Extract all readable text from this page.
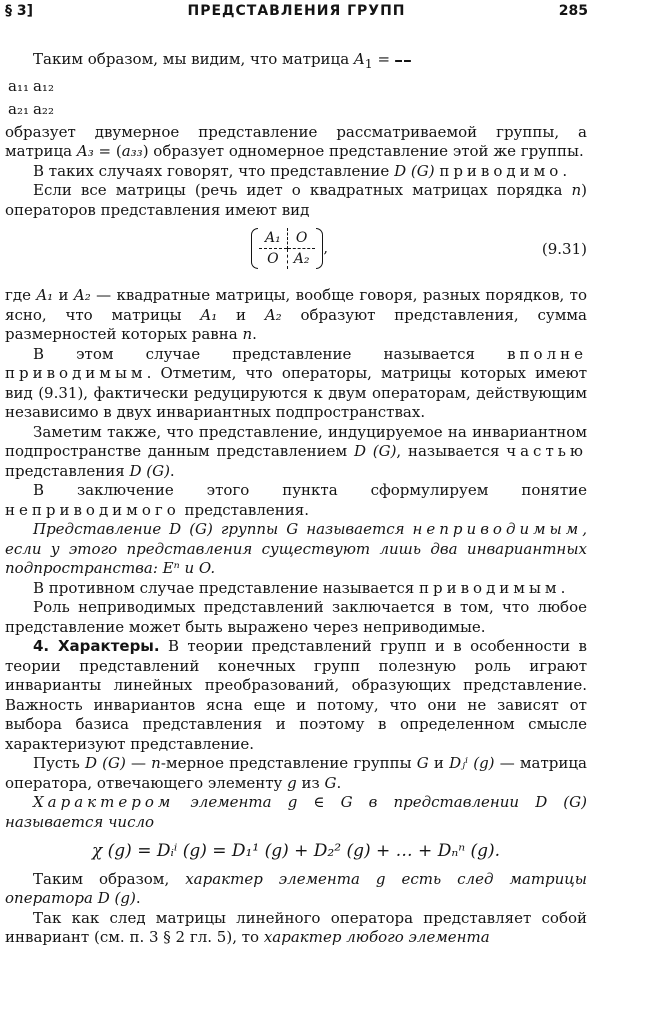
§ 3]	ПРЕДСТАВЛЕНИЯ ГРУПП	285

Таким образом, мы видим, что матрица $A_1$ =

a₁₁	a₁₂
a₂₁	a₂₂
образует двумерное представление рассматриваемой группы, а матрица A₃ = (a₃₃) образует одномерное представление этой же группы.

В таких случаях говорят, что представление D (G) приводимо.

Если все матрицы (речь идет о квадратных матрицах порядка n) операторов представления имеют вид

A₁	O
O	A₂
,	(9.31)

где A₁ и A₂ — квадратные матрицы, вообще говоря, разных порядков, то ясно, что матрицы A₁ и A₂ образуют представления, сумма размерностей которых равна n.

В этом случае представление называется вполне приводимым. Отметим, что операторы, матрицы которых имеют вид (9.31), фактически редуцируются к двум операторам, действующим независимо в двух инвариантных подпространствах.

Заметим также, что представление, индуцируемое на инвариантном подпространстве данным представлением D (G), называется частью представления D (G).

В заключение этого пункта сформулируем понятие неприводимого представления.

Представление D (G) группы G называется неприводимым, если у этого представления существуют лишь два инвариантных подпространства: Eⁿ и O.

В противном случае представление называется приводимым.

Роль неприводимых представлений заключается в том, что любое представление может быть выражено через неприводимые.

4. Характеры. В теории представлений групп и в особенности в теории представлений конечных групп полезную роль играют инварианты линейных преобразований, образующих представление. Важность инвариантов ясна еще и потому, что они не зависят от выбора базиса представления и поэтому в определенном смысле характеризуют представление.

Пусть D (G) — n-мерное представление группы G и Dⱼⁱ (g) — матрица оператора, отвечающего элементу g из G.

Характером элемента g ∈ G в представлении D (G) называется число

χ (g) = Dᵢⁱ (g) = D₁¹ (g) + D₂² (g) + … + Dₙⁿ (g).

Таким образом, характер элемента g есть след матрицы оператора D (g).

Так как след матрицы линейного оператора представляет собой инвариант (см. п. 3 § 2 гл. 5), то характер любого элемента
